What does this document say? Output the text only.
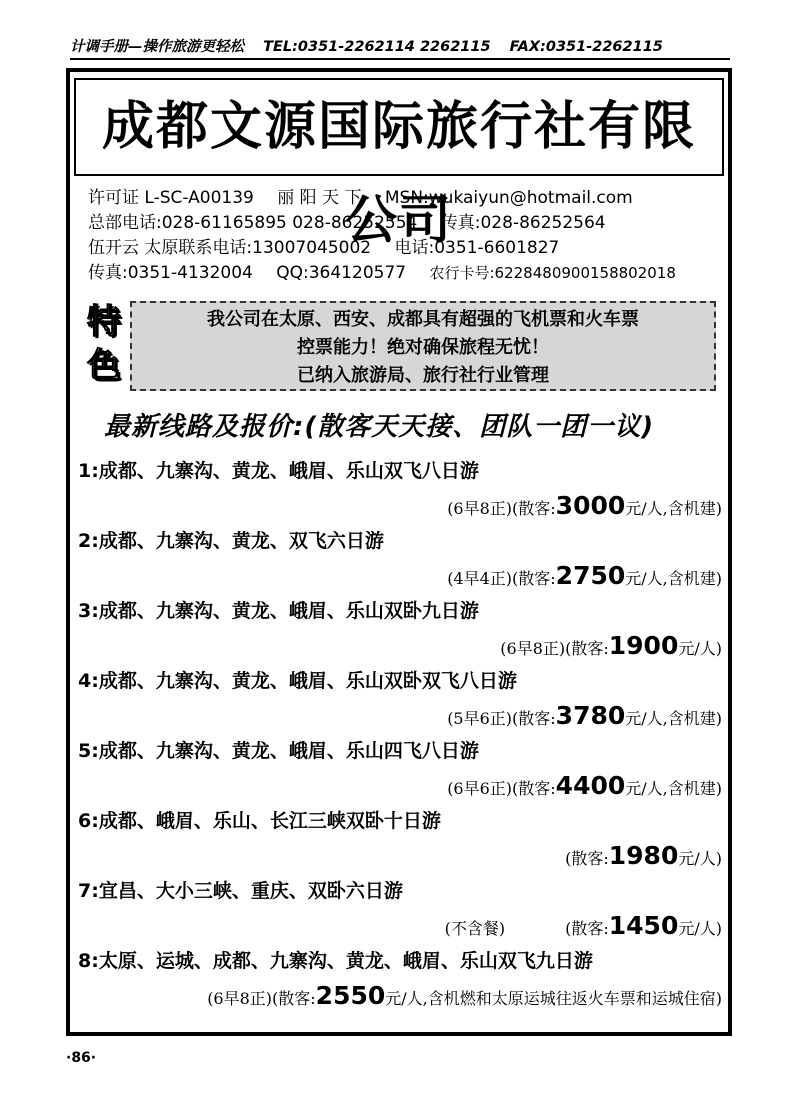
计调手册—操作旅游更轻松 TEL:0351-2262114 2262115 FAX:0351-2262115
成都文源国际旅行社有限公司
许可证 L-SC-A00139 丽 阳 天 下 MSN:wukaiyun@hotmail.com
总部电话:028-61165895 028-86252554 传真:028-86252564
伍开云 太原联系电话:13007045002 电话:0351-6601827
传真:0351-4132004 QQ:364120577 农行卡号:6228480900158802018
特
色
我公司在太原、西安、成都具有超强的飞机票和火车票
控票能力！绝对确保旅程无忧！
已纳入旅游局、旅行社行业管理
最新线路及报价:(散客天天接、团队一团一议)
1:成都、九寨沟、黄龙、峨眉、乐山双飞八日游
(6早8正)(散客:3000元/人,含机建)
2:成都、九寨沟、黄龙、双飞六日游
(4早4正)(散客:2750元/人,含机建)
3:成都、九寨沟、黄龙、峨眉、乐山双卧九日游
(6早8正)(散客:1900元/人)
4:成都、九寨沟、黄龙、峨眉、乐山双卧双飞八日游
(5早6正)(散客:3780元/人,含机建)
5:成都、九寨沟、黄龙、峨眉、乐山四飞八日游
(6早6正)(散客:4400元/人,含机建)
6:成都、峨眉、乐山、长江三峡双卧十日游
(散客:1980元/人)
7:宜昌、大小三峡、重庆、双卧六日游
(不含餐)	(散客:1450元/人)
8:太原、运城、成都、九寨沟、黄龙、峨眉、乐山双飞九日游
(6早8正)(散客:2550元/人,含机燃和太原运城往返火车票和运城住宿)
·86·
